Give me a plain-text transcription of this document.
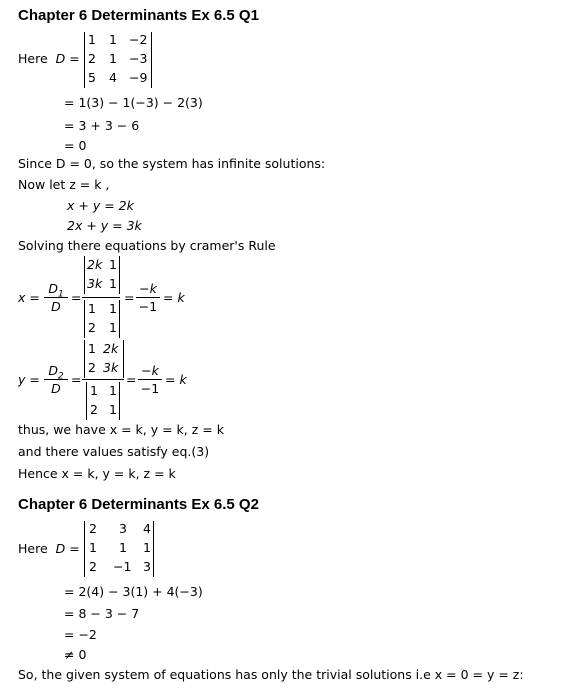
Chapter 6 Determinants Ex 6.5 Q1
Here D =
1 1 −2
2 1 −3
5 4 −9
= 1(3) − 1(−3) − 2(3)
= 3 + 3 − 6
= 0
Since D = 0, so the system has infinite solutions:
Now let z = k ,
x + y = 2k
2x + y = 3k
Solving there equations by cramer's Rule
x =
$D_1$
D
=
2k 1
3k 1
1 1
2 1
=
−k
−1
= k
y =
$D_2$
D
=
1 2k
2 3k
1 1
2 1
=
−k
−1
= k
thus, we have x = k, y = k, z = k
and there values satisfy eq.(3)
Hence x = k, y = k, z = k
Chapter 6 Determinants Ex 6.5 Q2
Here D =
2 3 4
1 1 1
2 −1 3
= 2(4) − 3(1) + 4(−3)
= 8 − 3 − 7
= −2
≠ 0
So, the given system of equations has only the trivial solutions i.e x = 0 = y = z:
